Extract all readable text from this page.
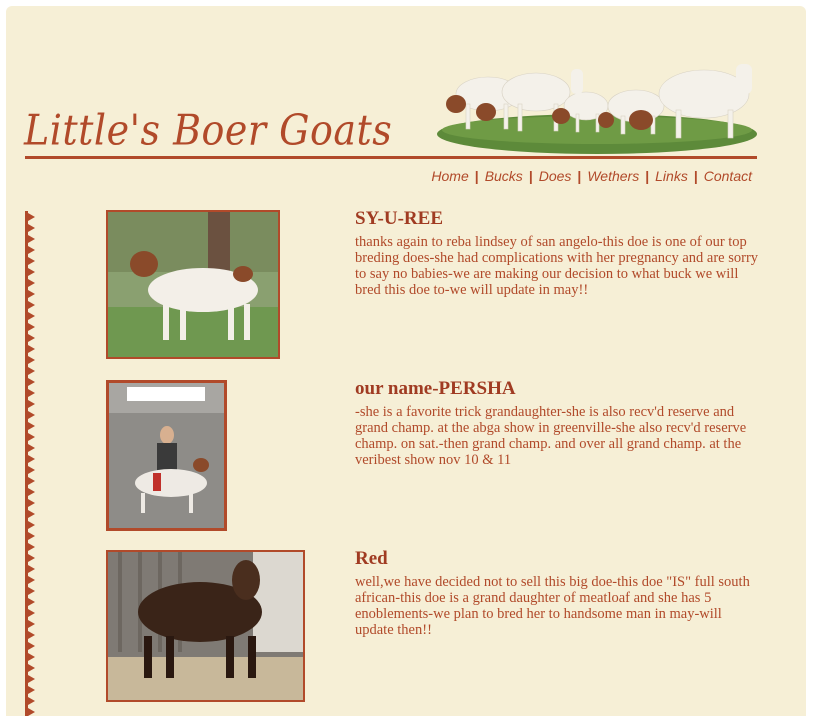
Little's Boer Goats
Home | Bucks | Does | Wethers | Links | Contact
SY-U-REE
thanks again to reba lindsey of san angelo-this doe is one of our top breding does-she had complications with her pregnancy and are sorry to say no babies-we are making our decision to what buck we will bred this doe to-we will update in may!!
our name-PERSHA
-she is a favorite trick grandaughter-she is also recv'd reserve and grand champ. at the abga show in greenville-she also recv'd reserve champ. on sat.-then grand champ. and over all grand champ. at the veribest show nov 10 & 11
Red
well,we have decided not to sell this big doe-this doe "IS" full south african-this doe is a grand daughter of meatloaf and she has 5 enoblements-we plan to bred her to handsome man in may-will update then!!
